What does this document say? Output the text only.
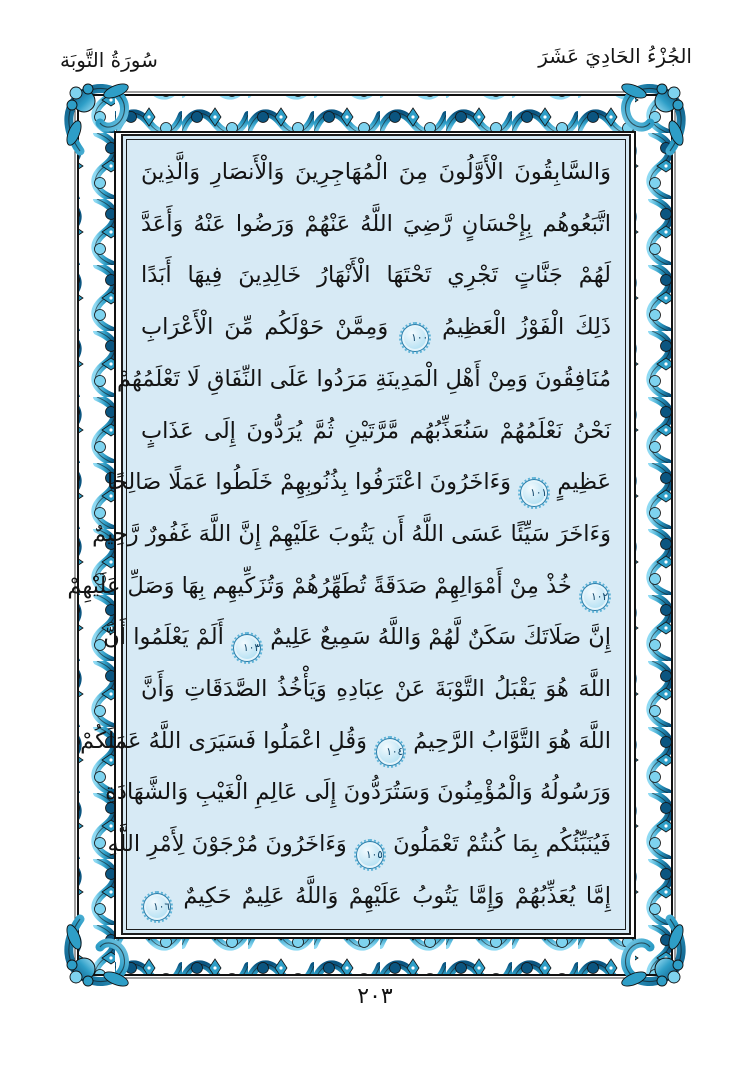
سُورَةُ التَّوبَة	الجُزْءُ الحَادِيَ عَشَرَ
وَالسَّابِقُونَ الْأَوَّلُونَ مِنَ الْمُهَاجِرِينَ وَالْأَنصَارِ وَالَّذِينَ
اتَّبَعُوهُم بِإِحْسَانٍ رَّضِيَ اللَّهُ عَنْهُمْ وَرَضُوا عَنْهُ وَأَعَدَّ
لَهُمْ جَنَّاتٍ تَجْرِي تَحْتَهَا الْأَنْهَارُ خَالِدِينَ فِيهَا أَبَدًا
ذَلِكَ الْفَوْزُ الْعَظِيمُ ١٠٠ وَمِمَّنْ حَوْلَكُم مِّنَ الْأَعْرَابِ
مُنَافِقُونَ وَمِنْ أَهْلِ الْمَدِينَةِ مَرَدُوا عَلَى النِّفَاقِ لَا تَعْلَمُهُمْ
نَحْنُ نَعْلَمُهُمْ سَنُعَذِّبُهُم مَّرَّتَيْنِ ثُمَّ يُرَدُّونَ إِلَى عَذَابٍ
عَظِيمٍ ١٠١ وَءَاخَرُونَ اعْتَرَفُوا بِذُنُوبِهِمْ خَلَطُوا عَمَلًا صَالِحًا
وَءَاخَرَ سَيِّئًا عَسَى اللَّهُ أَن يَتُوبَ عَلَيْهِمْ إِنَّ اللَّهَ غَفُورٌ رَّحِيمٌ
١٠٢ خُذْ مِنْ أَمْوَالِهِمْ صَدَقَةً تُطَهِّرُهُمْ وَتُزَكِّيهِم بِهَا وَصَلِّ عَلَيْهِمْ
إِنَّ صَلَاتَكَ سَكَنٌ لَّهُمْ وَاللَّهُ سَمِيعٌ عَلِيمٌ ١٠٣ أَلَمْ يَعْلَمُوا أَنَّ
اللَّهَ هُوَ يَقْبَلُ التَّوْبَةَ عَنْ عِبَادِهِ وَيَأْخُذُ الصَّدَقَاتِ وَأَنَّ
اللَّهَ هُوَ التَّوَّابُ الرَّحِيمُ ١٠٤ وَقُلِ اعْمَلُوا فَسَيَرَى اللَّهُ عَمَلَكُمْ
وَرَسُولُهُ وَالْمُؤْمِنُونَ وَسَتُرَدُّونَ إِلَى عَالِمِ الْغَيْبِ وَالشَّهَادَةِ
فَيُنَبِّئُكُم بِمَا كُنتُمْ تَعْمَلُونَ ١٠٥ وَءَاخَرُونَ مُرْجَوْنَ لِأَمْرِ اللَّهِ
إِمَّا يُعَذِّبُهُمْ وَإِمَّا يَتُوبُ عَلَيْهِمْ وَاللَّهُ عَلِيمٌ حَكِيمٌ ١٠٦
٢٠٣
